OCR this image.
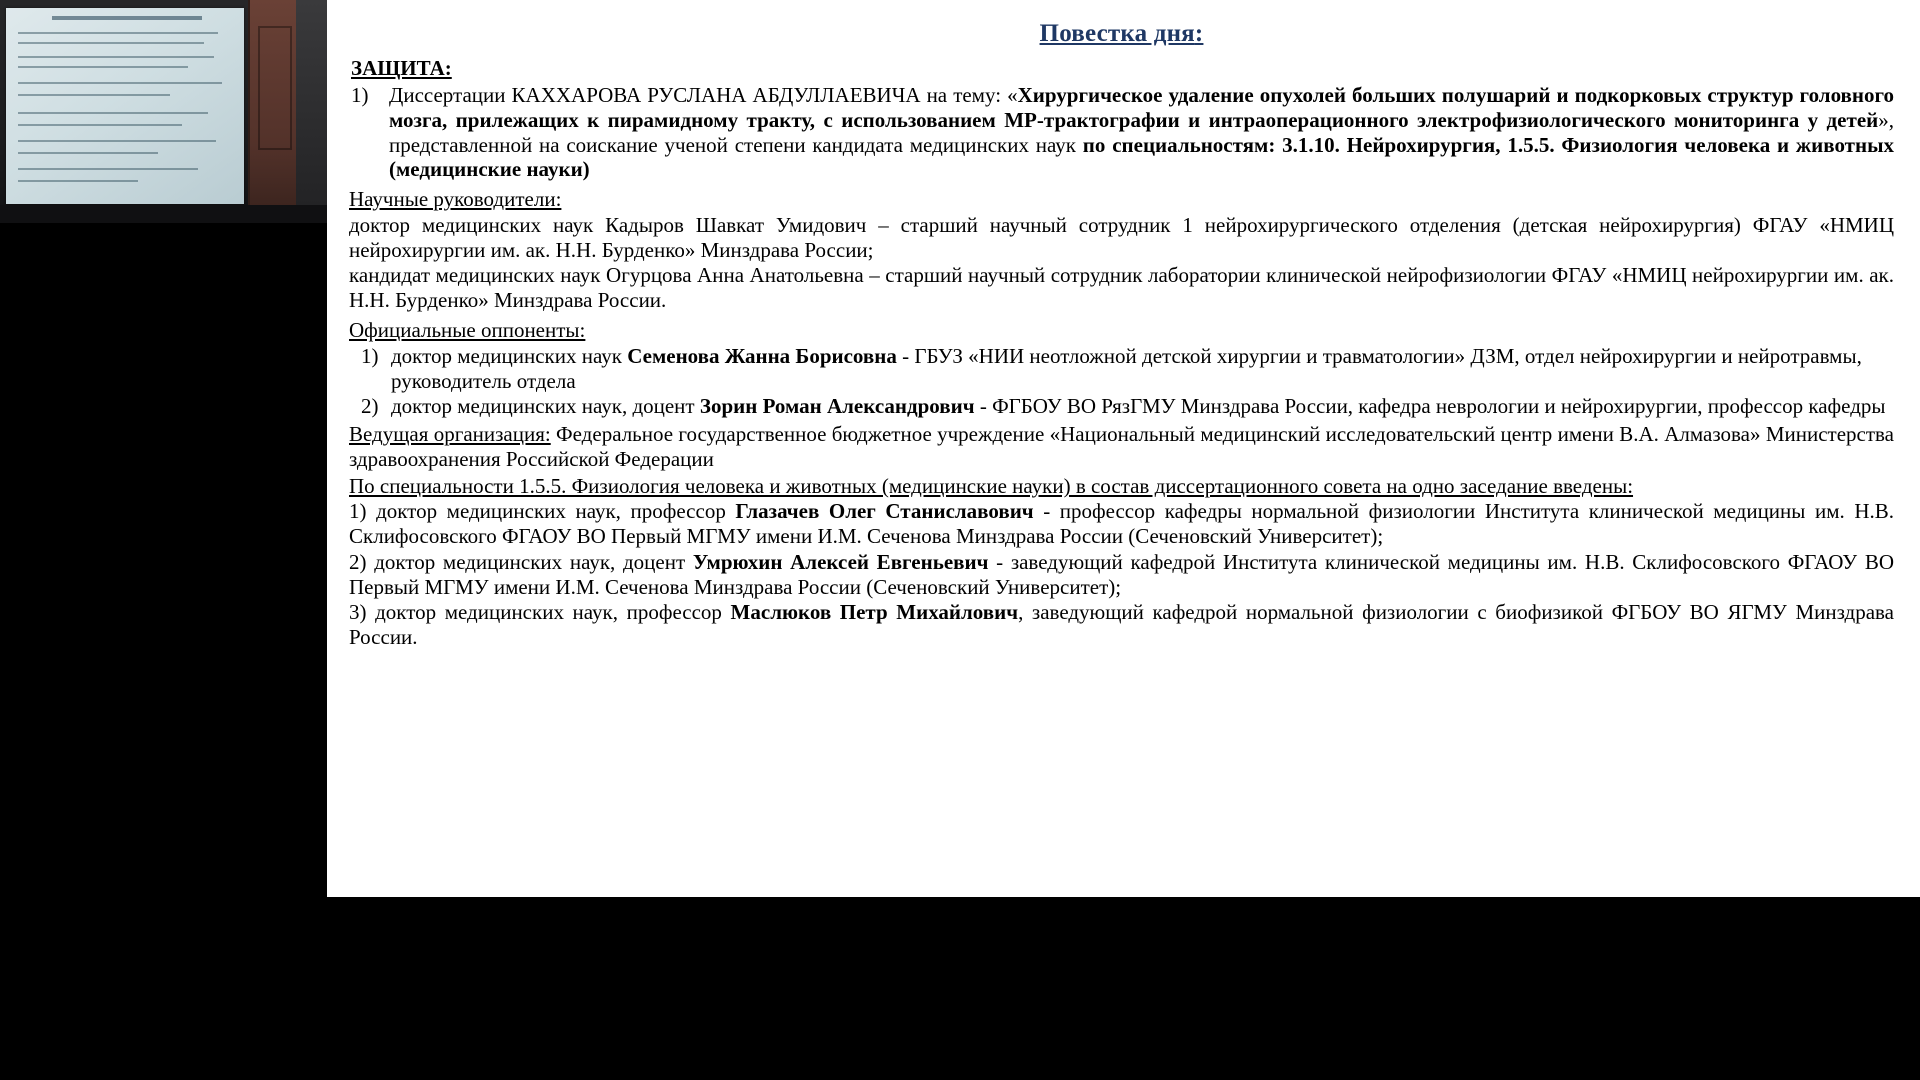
Повестка дня:
ЗАЩИТА:
1) Диссертации КАХХАРОВА РУСЛАНА АБДУЛЛАЕВИЧА на тему: «Хирургическое удаление опухолей больших полушарий и подкорковых структур головного мозга, прилежащих к пирамидному тракту, с использованием МР-трактографии и интраоперационного электрофизиологического мониторинга у детей», представленной на соискание ученой степени кандидата медицинских наук по специальностям: 3.1.10. Нейрохирургия, 1.5.5. Физиология человека и животных (медицинские науки)
Научные руководители:

доктор медицинских наук Кадыров Шавкат Умидович – старший научный сотрудник 1 нейрохирургического отделения (детская нейрохирургия) ФГАУ «НМИЦ нейрохирургии им. ак. Н.Н. Бурденко» Минздрава России;

кандидат медицинских наук Огурцова Анна Анатольевна – старший научный сотрудник лаборатории клинической нейрофизиологии ФГАУ «НМИЦ нейрохирургии им. ак. Н.Н. Бурденко» Минздрава России.

Официальные оппоненты:
1) доктор медицинских наук Семенова Жанна Борисовна - ГБУЗ «НИИ неотложной детской хирургии и травматологии» ДЗМ, отдел нейрохирургии и нейротравмы, руководитель отдела
2) доктор медицинских наук, доцент Зорин Роман Александрович - ФГБОУ ВО РязГМУ Минздрава России, кафедра неврологии и нейрохирургии, профессор кафедры

Ведущая организация: Федеральное государственное бюджетное учреждение «Национальный медицинский исследовательский центр имени В.А. Алмазова» Министерства здравоохранения Российской Федерации

По специальности 1.5.5. Физиология человека и животных (медицинские науки) в состав диссертационного совета на одно заседание введены:

1) доктор медицинских наук, профессор Глазачев Олег Станиславович - профессор кафедры нормальной физиологии Института клинической медицины им. Н.В. Склифосовского ФГАОУ ВО Первый МГМУ имени И.М. Сеченова Минздрава России (Сеченовский Университет);

2) доктор медицинских наук, доцент Умрюхин Алексей Евгеньевич - заведующий кафедрой Института клинической медицины им. Н.В. Склифосовского ФГАОУ ВО Первый МГМУ имени И.М. Сеченова Минздрава России (Сеченовский Университет);

3) доктор медицинских наук, профессор Маслюков Петр Михайлович, заведующий кафедрой нормальной физиологии с биофизикой ФГБОУ ВО ЯГМУ Минздрава России.
